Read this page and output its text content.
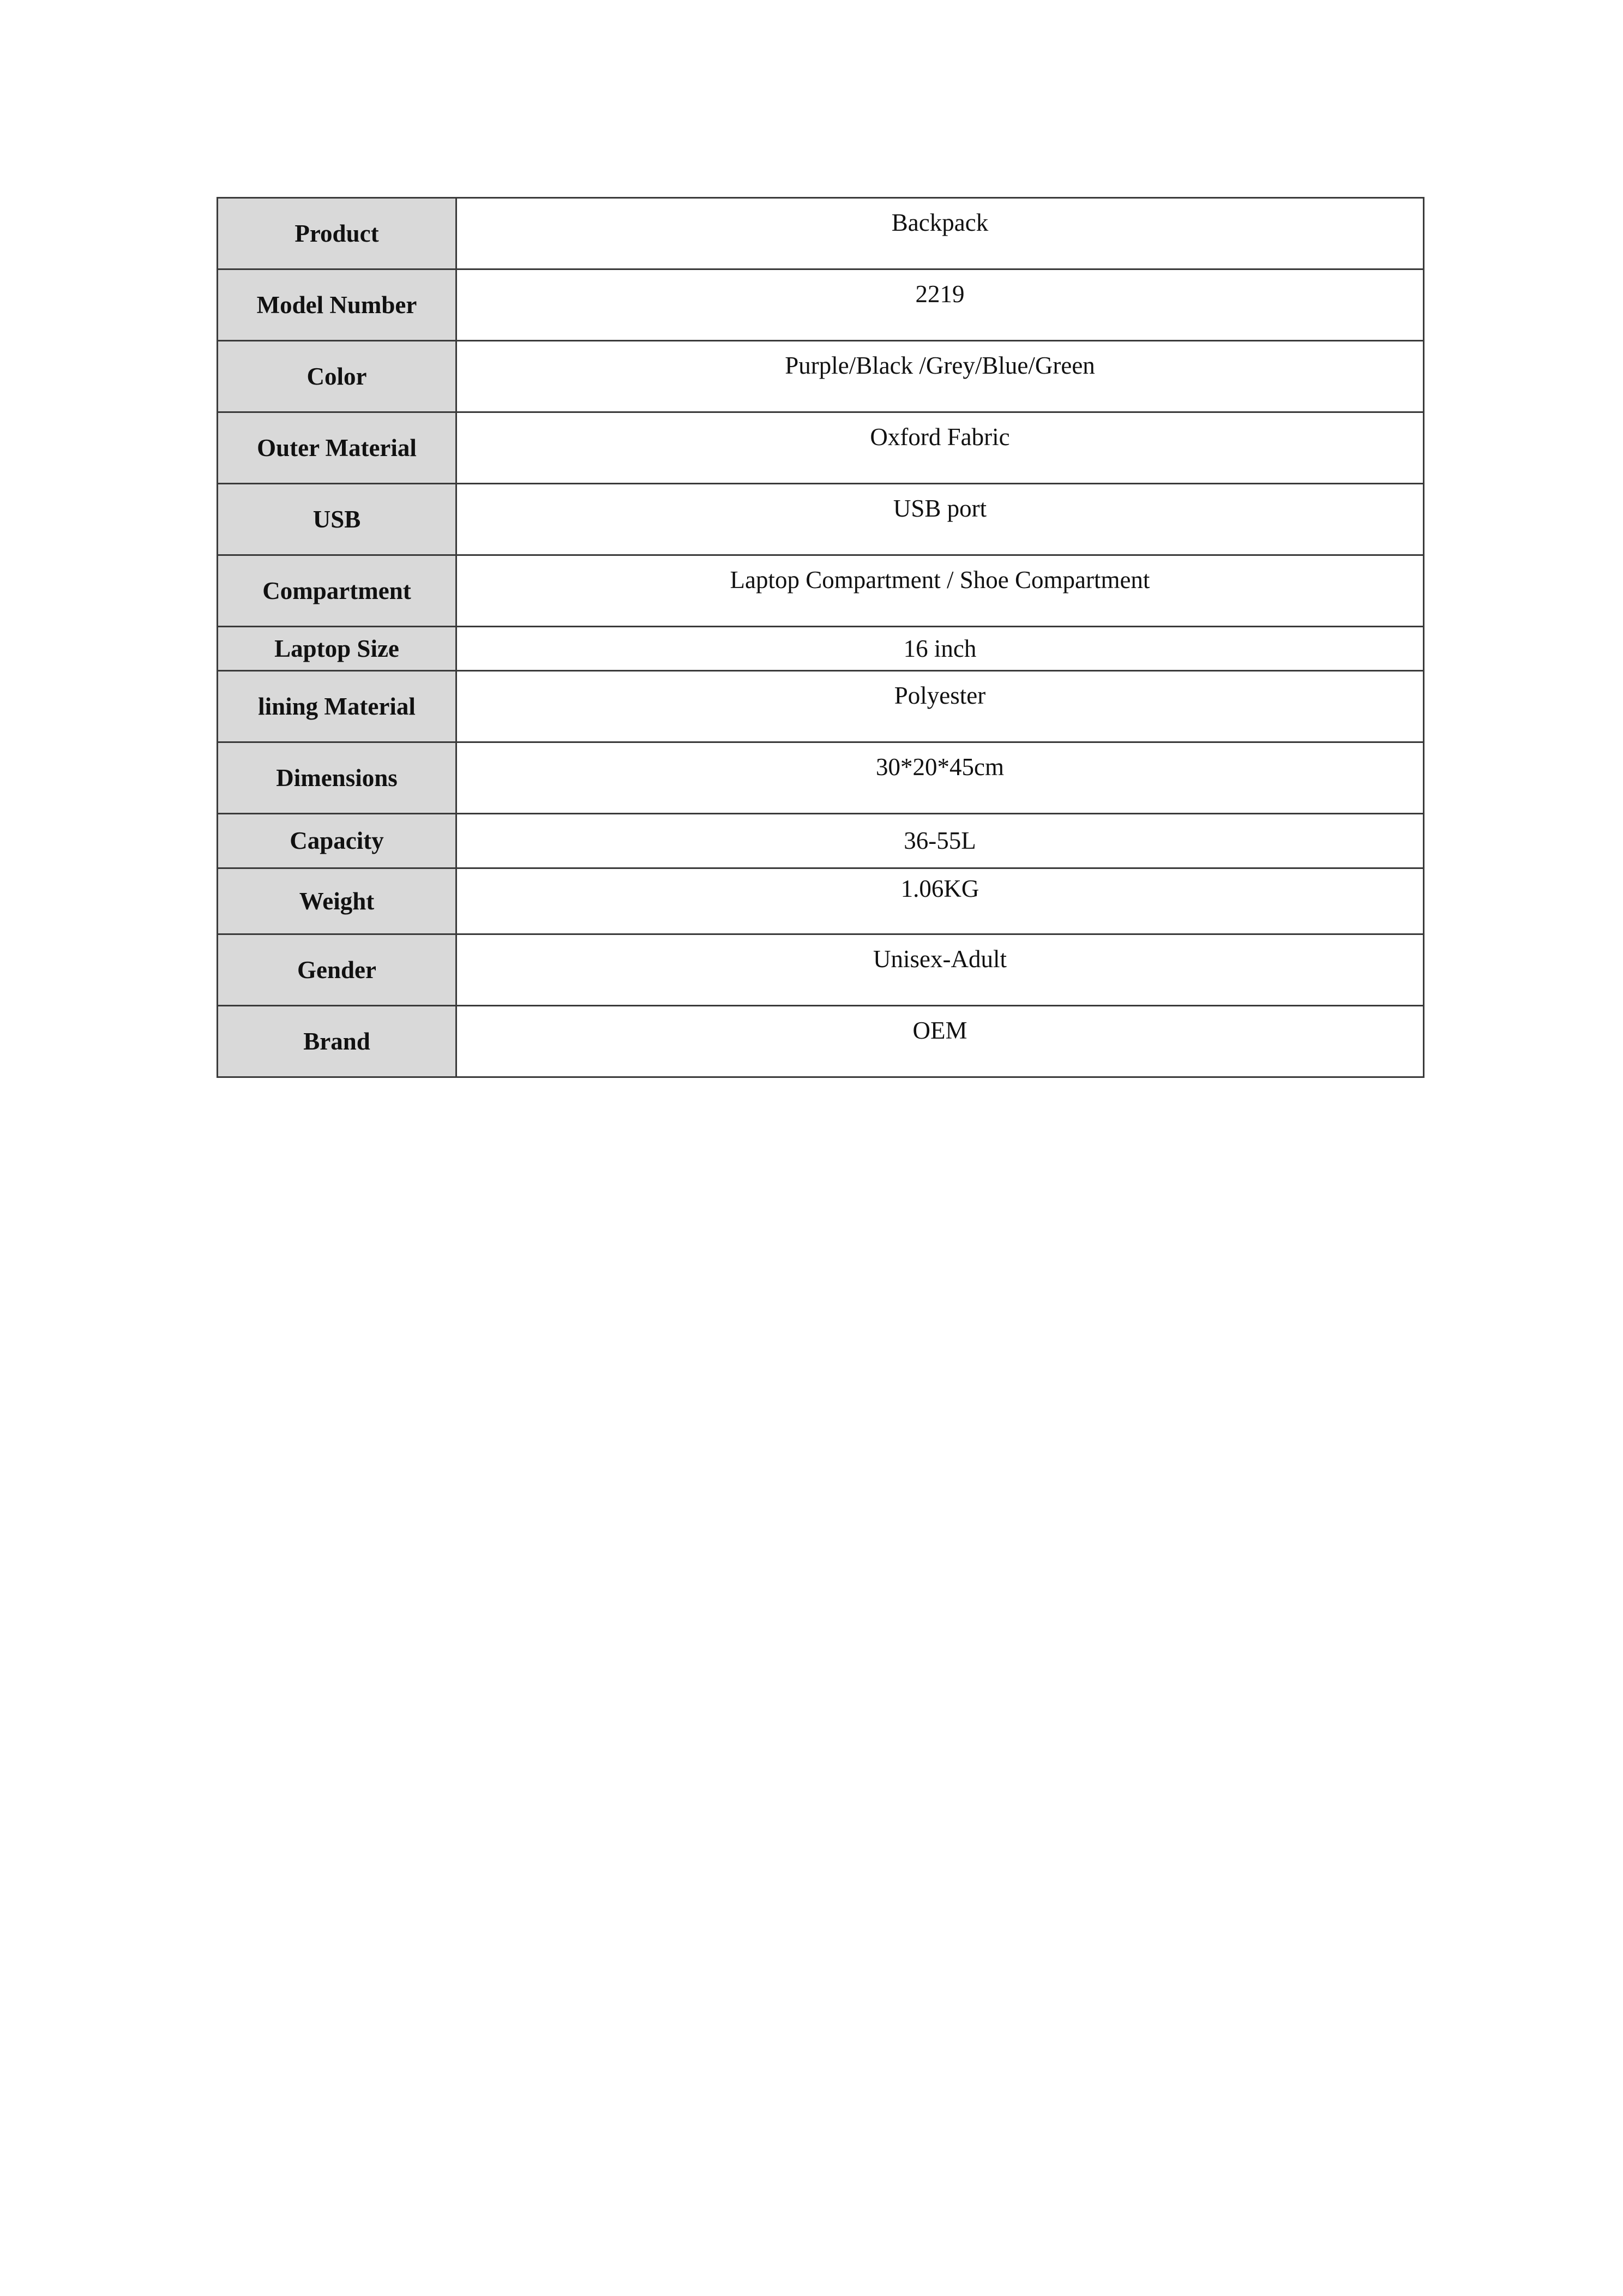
Product	Backpack

Model Number	2219

Color	Purple/Black /Grey/Blue/Green

Outer Material	Oxford Fabric

USB	USB port

Compartment	Laptop Compartment / Shoe Compartment

Laptop Size	16 inch

lining Material	Polyester

Dimensions	30*20*45cm

Capacity	36-55L

Weight	1.06KG

Gender	Unisex-Adult

Brand	OEM
